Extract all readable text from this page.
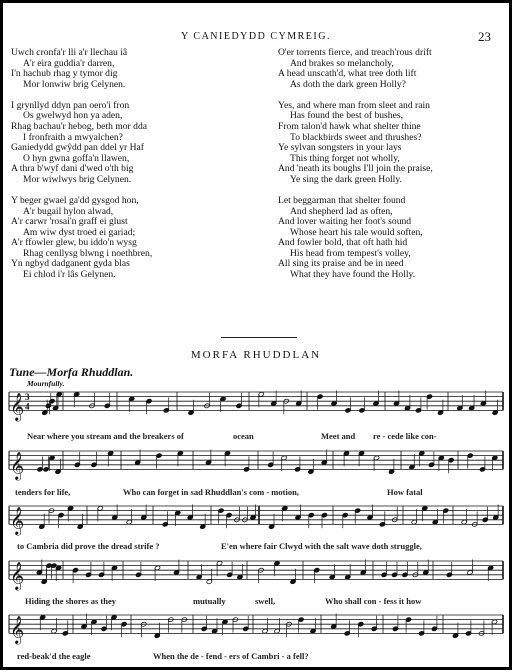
Y CANIEDYDD CYMREIG.	23
Uwch cronfa'r lli a'r llechau iâ
A'r eira guddia'r darren,
I'n hachub rhag y tymor dig
Mor lonwiw brig Celynen.
I grynllyd ddyn pan oero'i fron
Os gwelwyd hon ya aden,
Rhag bachau'r hebog, beth mor dda
I fronfraith a mwyalchen?
Ganiedydd gwŷdd pan ddel yr Haf
O hyn gwna goffa'n llawen,
A thra b'wyf dani d'wed o'th big
Mor wiwlwys brig Celynen.
Y beger gwael ga'dd gysgod hon,
A'r bugail hylon alwad,
A'r carwr 'rosai'n graff ei glust
Am wiw dyst troed ei gariad;
A'r ffowler glew, bu iddo'n wysg
Rhag cenllysg blwng i noethbren,
Yn ngbyd dadganent gyda blas
Ei chlod i'r lâs Gelynen.
O'er torrents fierce, and treach'rous drift
And brakes so melancholy,
A head unscath'd, what tree doth lift
As doth the dark green Holly?
Yes, and where man from sleet and rain
Has found the best of bushes,
From talon'd hawk what shelter thine
To blackbirds sweet and thrushes?
Ye sylvan songsters in your lays
This thing forget not wholly,
And 'neath its boughs I'll join the praise,
Ye sing the dark green Holly.
Let beggarman that shelter found
And shepherd lad as often,
And lover waiting her foot's sound
Whose heart his tale would soften,
And fowler bold, that oft hath hid
His head from tempest's volley,
All sing its praise and be in need
What they have found the Holly.
MORFA RHUDDLAN
Tune—Morfa Rhuddlan.
Mournfully.
𝄞 3
4
𝄞
𝄞
𝄞
𝄞
Near where you stream and the breakers of	ocean	Meet and re - cede like con-
tenders for life,	Who can forget in sad Rhuddlan's com - motion,	How fatal
to Cambria did prove the dread strife ?	E'en where fair Clwyd with the salt wave doth struggle,
Hiding the shores as they	mutually	swell,	Who shall con - fess it how
red-beak'd the eagle	When the de - fend - ers of Cambri - a fell?
